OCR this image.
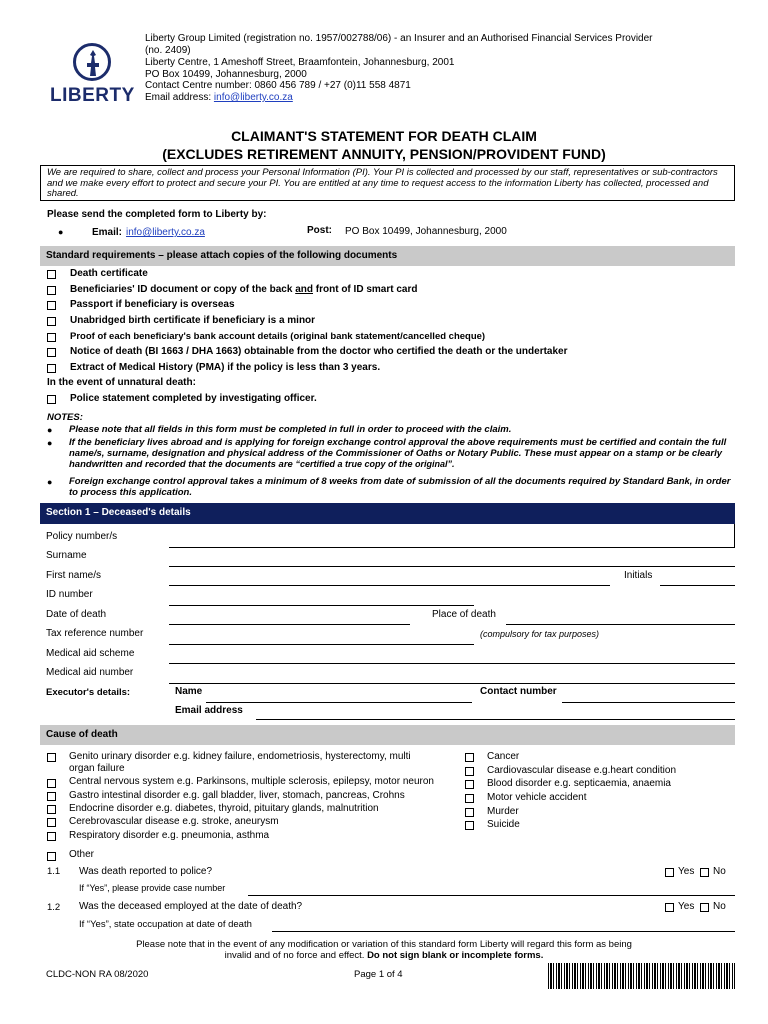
LIBERTY
Liberty Group Limited (registration no. 1957/002788/06) - an Insurer and an Authorised Financial Services Provider
(no. 2409)
Liberty Centre, 1 Ameshoff Street, Braamfontein, Johannesburg, 2001
PO Box 10499, Johannesburg, 2000
Contact Centre number: 0860 456 789 / +27 (0)11 558 4871
Email address: info@liberty.co.za
CLAIMANT'S STATEMENT FOR DEATH CLAIM
(EXCLUDES RETIREMENT ANNUITY, PENSION/PROVIDENT FUND)
We are required to share, collect and process your Personal Information (PI). Your PI is collected and processed by our staff, representatives or sub-contractors and we make every effort to protect and secure your PI. You are entitled at any time to request access to the information Liberty has collected, processed and shared.
Please send the completed form to Liberty by:
●	Email: info@liberty.co.za	Post: PO Box 10499, Johannesburg, 2000
Standard requirements – please attach copies of the following documents
Death certificate
Beneficiaries' ID document or copy of the back and front of ID smart card
Passport if beneficiary is overseas
Unabridged birth certificate if beneficiary is a minor
Proof of each beneficiary's bank account details (original bank statement/cancelled cheque)
Notice of death (BI 1663 / DHA 1663) obtainable from the doctor who certified the death or the undertaker
Extract of Medical History (PMA) if the policy is less than 3 years.
In the event of unnatural death:
Police statement completed by investigating officer.
NOTES:
● Please note that all fields in this form must be completed in full in order to proceed with the claim.
● If the beneficiary lives abroad and is applying for foreign exchange control approval the above requirements must be certified and contain the full name/s, surname, designation and physical address of the Commissioner of Oaths or Notary Public. These must appear on a stamp or be clearly handwritten and recorded that the documents are “certified a true copy of the original”.
● Foreign exchange control approval takes a minimum of 8 weeks from date of submission of all the documents required by Standard Bank, in order to process this application.
Section 1 – Deceased's details
Policy number/s
Surname
First name/s	Initials
ID number
Date of death	Place of death
Tax reference number	(compulsory for tax purposes)
Medical aid scheme
Medical aid number
Executor's details:	Name	Contact number
Email address
Cause of death
Genito urinary disorder e.g. kidney failure, endometriosis, hysterectomy, multi
organ failure
Central nervous system e.g. Parkinsons, multiple sclerosis, epilepsy, motor neuron
Gastro intestinal disorder e.g. gall bladder, liver, stomach, pancreas, Crohns
Endocrine disorder e.g. diabetes, thyroid, pituitary glands, malnutrition
Cerebrovascular disease e.g. stroke, aneurysm
Respiratory disorder e.g. pneumonia, asthma
Other
Cancer
Cardiovascular disease e.g.heart condition
Blood disorder e.g. septicaemia, anaemia
Motor vehicle accident
Murder
Suicide
1.1 Was death reported to police?	Yes No
If “Yes”, please provide case number
1.2 Was the deceased employed at the date of death?	Yes No
If “Yes”, state occupation at date of death
Please note that in the event of any modification or variation of this standard form Liberty will regard this form as being
invalid and of no force and effect. Do not sign blank or incomplete forms.
CLDC-NON RA 08/2020	Page 1 of 4
